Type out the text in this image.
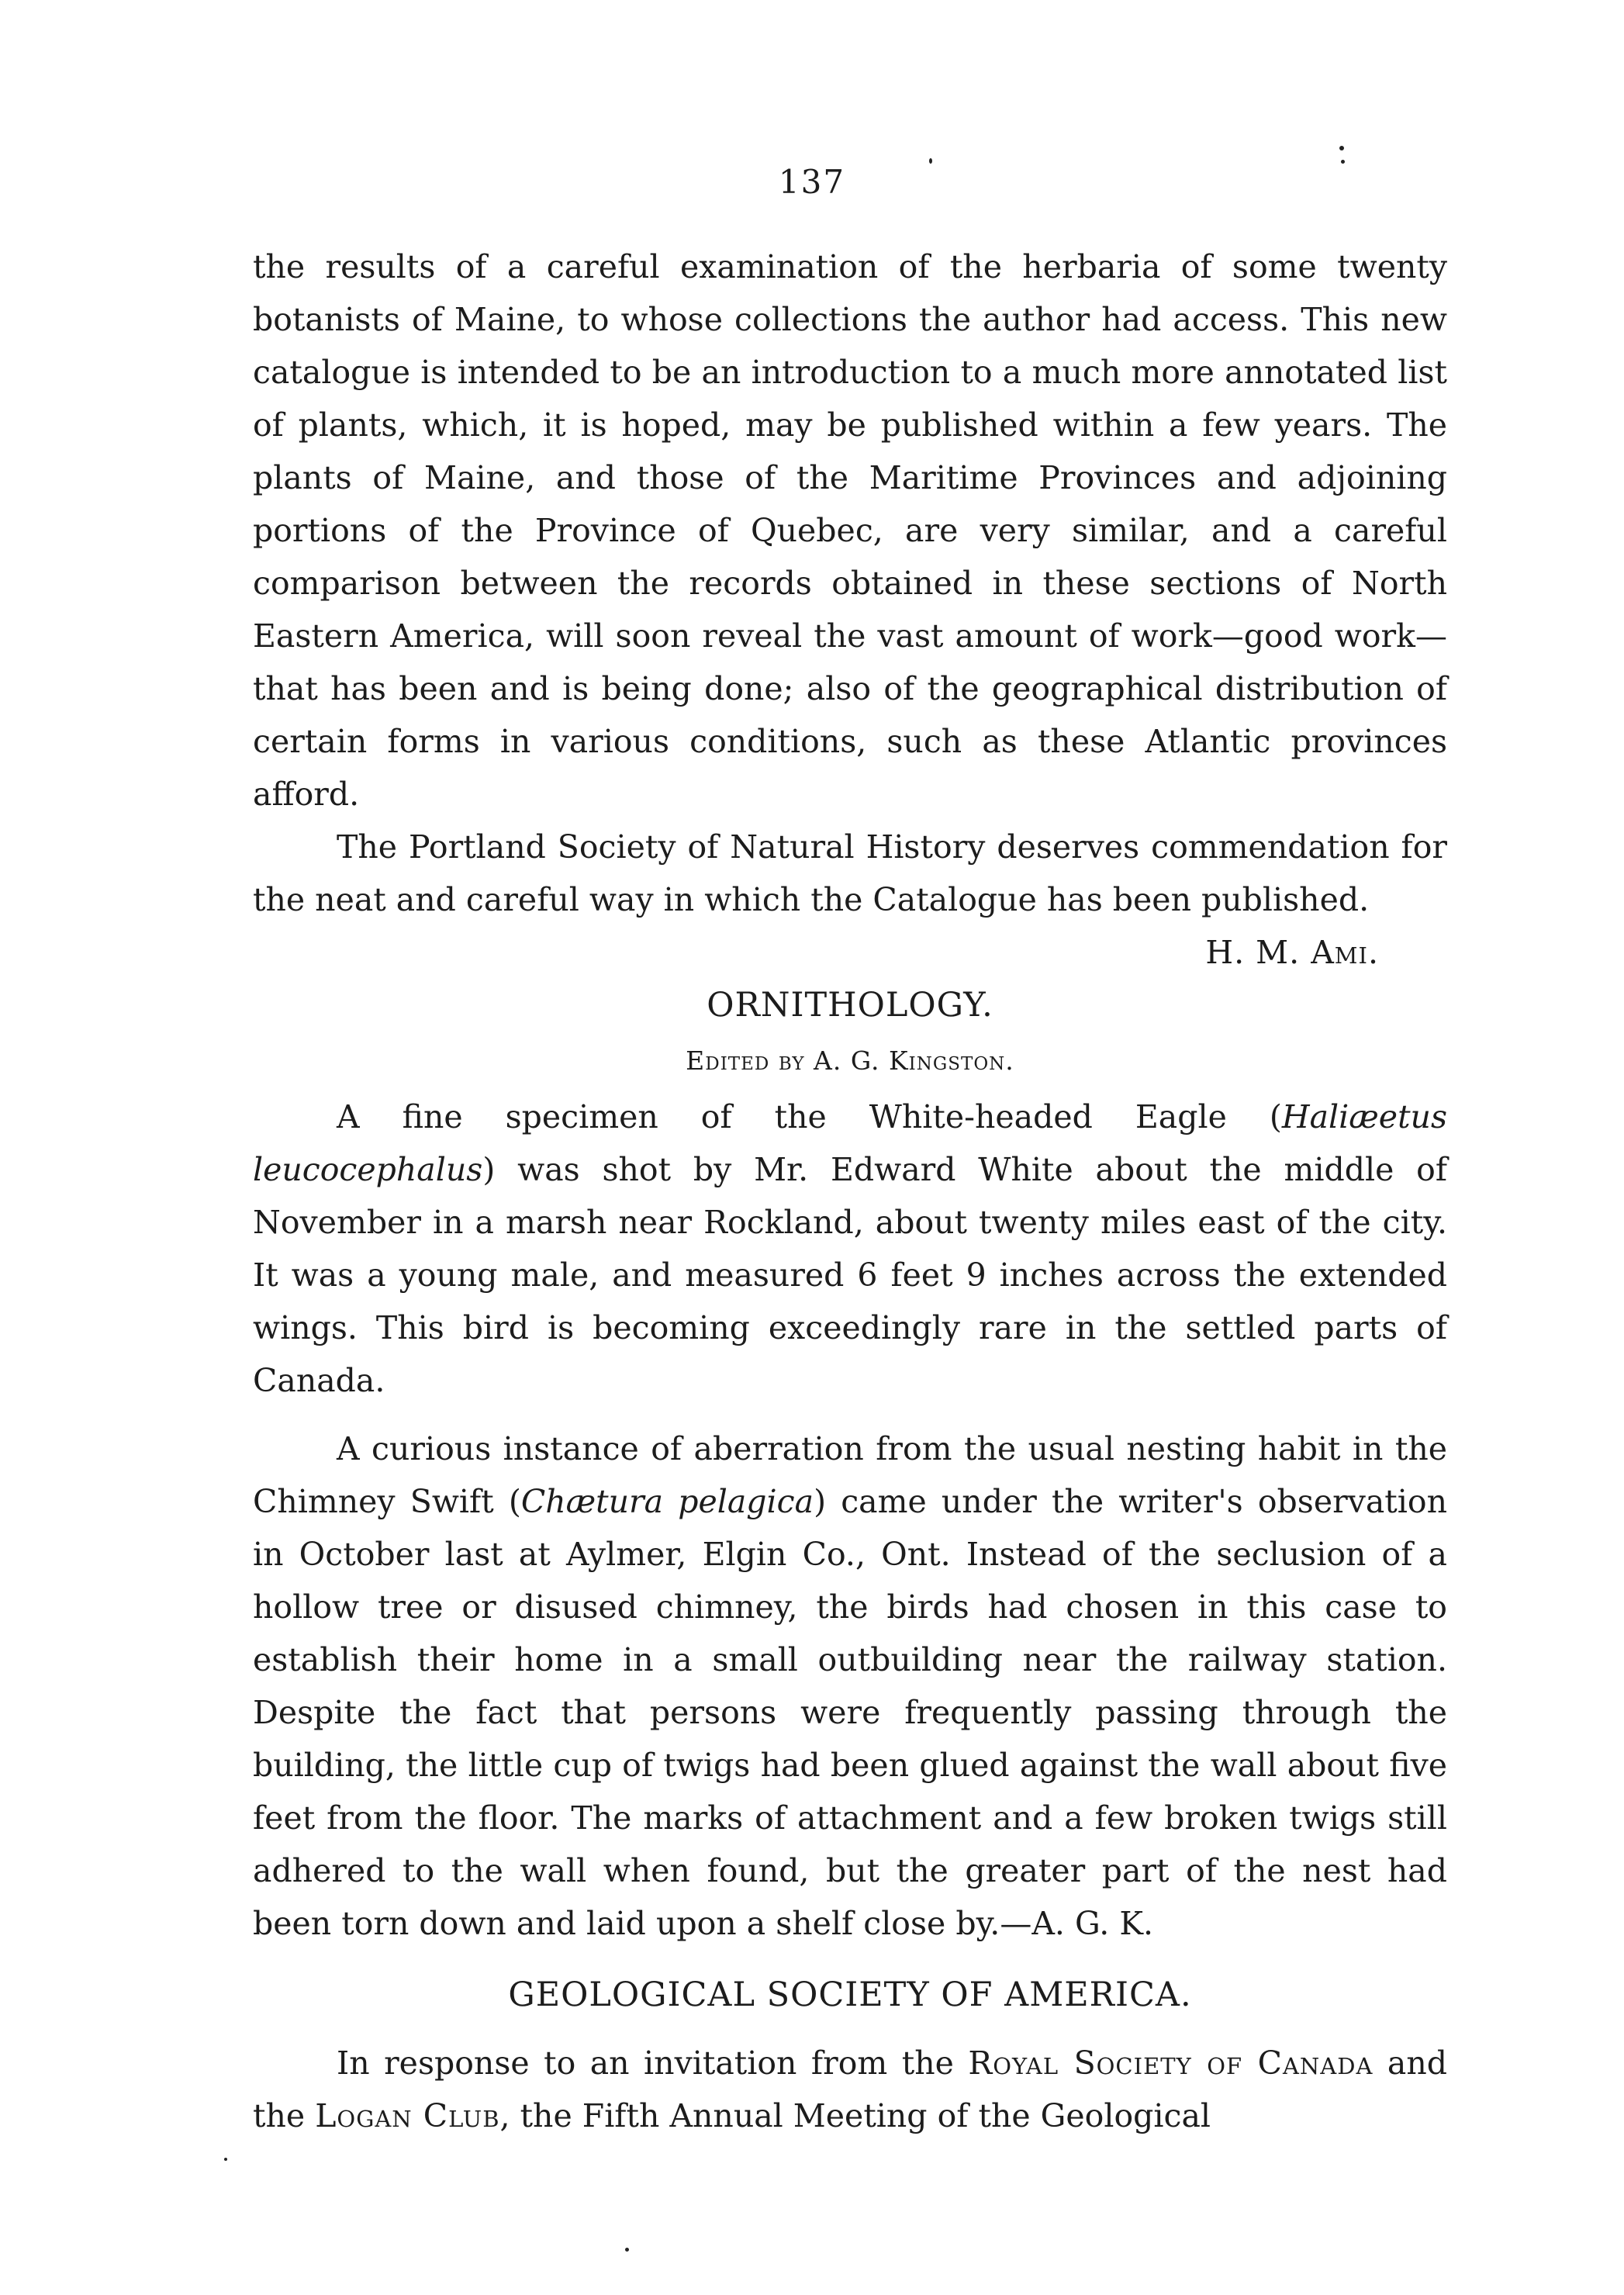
137

the results of a careful examination of the herbaria of some twenty botanists of Maine, to whose collections the author had access. This new catalogue is intended to be an introduction to a much more annotated list of plants, which, it is hoped, may be published within a few years. The plants of Maine, and those of the Maritime Provinces and adjoining portions of the Province of Quebec, are very similar, and a careful comparison between the records obtained in these sections of North Eastern America, will soon reveal the vast amount of work—good work—that has been and is being done; also of the geographical distribution of certain forms in various conditions, such as these Atlantic provinces afford.

The Portland Society of Natural History deserves commendation for the neat and careful way in which the Catalogue has been published.

H. M. Ami.

ORNITHOLOGY.

Edited by A. G. Kingston.

A fine specimen of the White-headed Eagle (Haliæetus leucocephalus) was shot by Mr. Edward White about the middle of November in a marsh near Rockland, about twenty miles east of the city. It was a young male, and measured 6 feet 9 inches across the extended wings. This bird is becoming exceedingly rare in the settled parts of Canada.

A curious instance of aberration from the usual nesting habit in the Chimney Swift (Chætura pelagica) came under the writer's observation in October last at Aylmer, Elgin Co., Ont. Instead of the seclusion of a hollow tree or disused chimney, the birds had chosen in this case to establish their home in a small outbuilding near the railway station. Despite the fact that persons were frequently passing through the building, the little cup of twigs had been glued against the wall about five feet from the floor. The marks of attachment and a few broken twigs still adhered to the wall when found, but the greater part of the nest had been torn down and laid upon a shelf close by.—A. G. K.

GEOLOGICAL SOCIETY OF AMERICA.

In response to an invitation from the Royal Society of Canada and the Logan Club, the Fifth Annual Meeting of the Geological
